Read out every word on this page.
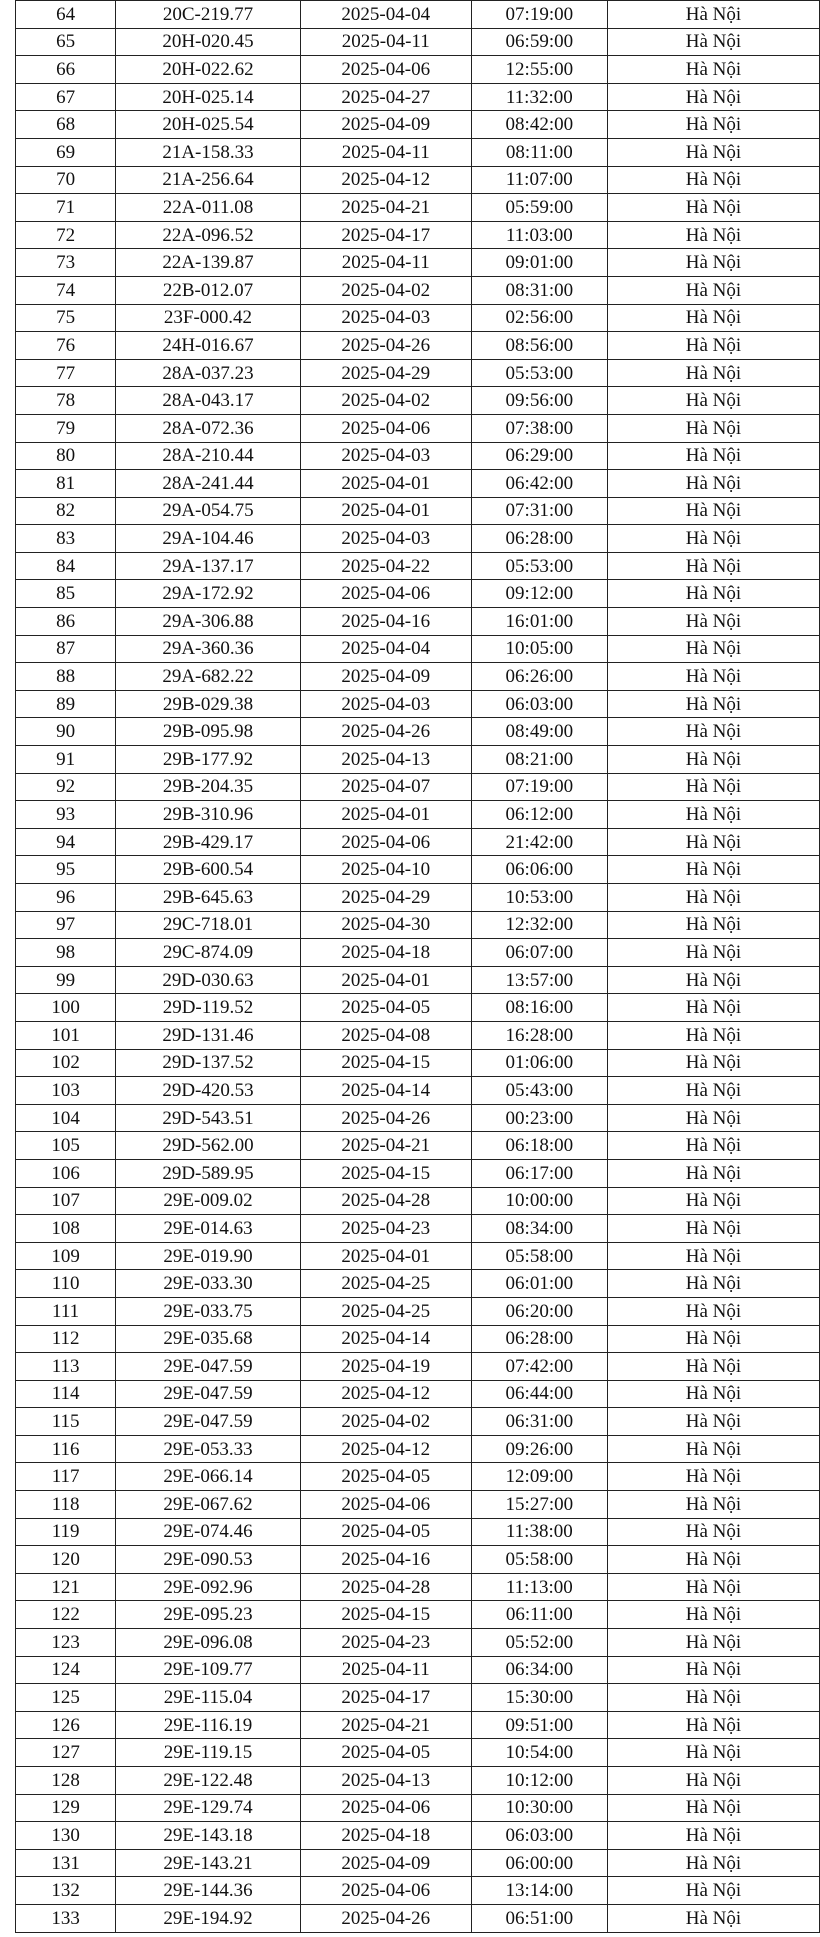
64	20C-219.77	2025-04-04	07:19:00	Hà Nội
65	20H-020.45	2025-04-11	06:59:00	Hà Nội
66	20H-022.62	2025-04-06	12:55:00	Hà Nội
67	20H-025.14	2025-04-27	11:32:00	Hà Nội
68	20H-025.54	2025-04-09	08:42:00	Hà Nội
69	21A-158.33	2025-04-11	08:11:00	Hà Nội
70	21A-256.64	2025-04-12	11:07:00	Hà Nội
71	22A-011.08	2025-04-21	05:59:00	Hà Nội
72	22A-096.52	2025-04-17	11:03:00	Hà Nội
73	22A-139.87	2025-04-11	09:01:00	Hà Nội
74	22B-012.07	2025-04-02	08:31:00	Hà Nội
75	23F-000.42	2025-04-03	02:56:00	Hà Nội
76	24H-016.67	2025-04-26	08:56:00	Hà Nội
77	28A-037.23	2025-04-29	05:53:00	Hà Nội
78	28A-043.17	2025-04-02	09:56:00	Hà Nội
79	28A-072.36	2025-04-06	07:38:00	Hà Nội
80	28A-210.44	2025-04-03	06:29:00	Hà Nội
81	28A-241.44	2025-04-01	06:42:00	Hà Nội
82	29A-054.75	2025-04-01	07:31:00	Hà Nội
83	29A-104.46	2025-04-03	06:28:00	Hà Nội
84	29A-137.17	2025-04-22	05:53:00	Hà Nội
85	29A-172.92	2025-04-06	09:12:00	Hà Nội
86	29A-306.88	2025-04-16	16:01:00	Hà Nội
87	29A-360.36	2025-04-04	10:05:00	Hà Nội
88	29A-682.22	2025-04-09	06:26:00	Hà Nội
89	29B-029.38	2025-04-03	06:03:00	Hà Nội
90	29B-095.98	2025-04-26	08:49:00	Hà Nội
91	29B-177.92	2025-04-13	08:21:00	Hà Nội
92	29B-204.35	2025-04-07	07:19:00	Hà Nội
93	29B-310.96	2025-04-01	06:12:00	Hà Nội
94	29B-429.17	2025-04-06	21:42:00	Hà Nội
95	29B-600.54	2025-04-10	06:06:00	Hà Nội
96	29B-645.63	2025-04-29	10:53:00	Hà Nội
97	29C-718.01	2025-04-30	12:32:00	Hà Nội
98	29C-874.09	2025-04-18	06:07:00	Hà Nội
99	29D-030.63	2025-04-01	13:57:00	Hà Nội
100	29D-119.52	2025-04-05	08:16:00	Hà Nội
101	29D-131.46	2025-04-08	16:28:00	Hà Nội
102	29D-137.52	2025-04-15	01:06:00	Hà Nội
103	29D-420.53	2025-04-14	05:43:00	Hà Nội
104	29D-543.51	2025-04-26	00:23:00	Hà Nội
105	29D-562.00	2025-04-21	06:18:00	Hà Nội
106	29D-589.95	2025-04-15	06:17:00	Hà Nội
107	29E-009.02	2025-04-28	10:00:00	Hà Nội
108	29E-014.63	2025-04-23	08:34:00	Hà Nội
109	29E-019.90	2025-04-01	05:58:00	Hà Nội
110	29E-033.30	2025-04-25	06:01:00	Hà Nội
111	29E-033.75	2025-04-25	06:20:00	Hà Nội
112	29E-035.68	2025-04-14	06:28:00	Hà Nội
113	29E-047.59	2025-04-19	07:42:00	Hà Nội
114	29E-047.59	2025-04-12	06:44:00	Hà Nội
115	29E-047.59	2025-04-02	06:31:00	Hà Nội
116	29E-053.33	2025-04-12	09:26:00	Hà Nội
117	29E-066.14	2025-04-05	12:09:00	Hà Nội
118	29E-067.62	2025-04-06	15:27:00	Hà Nội
119	29E-074.46	2025-04-05	11:38:00	Hà Nội
120	29E-090.53	2025-04-16	05:58:00	Hà Nội
121	29E-092.96	2025-04-28	11:13:00	Hà Nội
122	29E-095.23	2025-04-15	06:11:00	Hà Nội
123	29E-096.08	2025-04-23	05:52:00	Hà Nội
124	29E-109.77	2025-04-11	06:34:00	Hà Nội
125	29E-115.04	2025-04-17	15:30:00	Hà Nội
126	29E-116.19	2025-04-21	09:51:00	Hà Nội
127	29E-119.15	2025-04-05	10:54:00	Hà Nội
128	29E-122.48	2025-04-13	10:12:00	Hà Nội
129	29E-129.74	2025-04-06	10:30:00	Hà Nội
130	29E-143.18	2025-04-18	06:03:00	Hà Nội
131	29E-143.21	2025-04-09	06:00:00	Hà Nội
132	29E-144.36	2025-04-06	13:14:00	Hà Nội
133	29E-194.92	2025-04-26	06:51:00	Hà Nội
